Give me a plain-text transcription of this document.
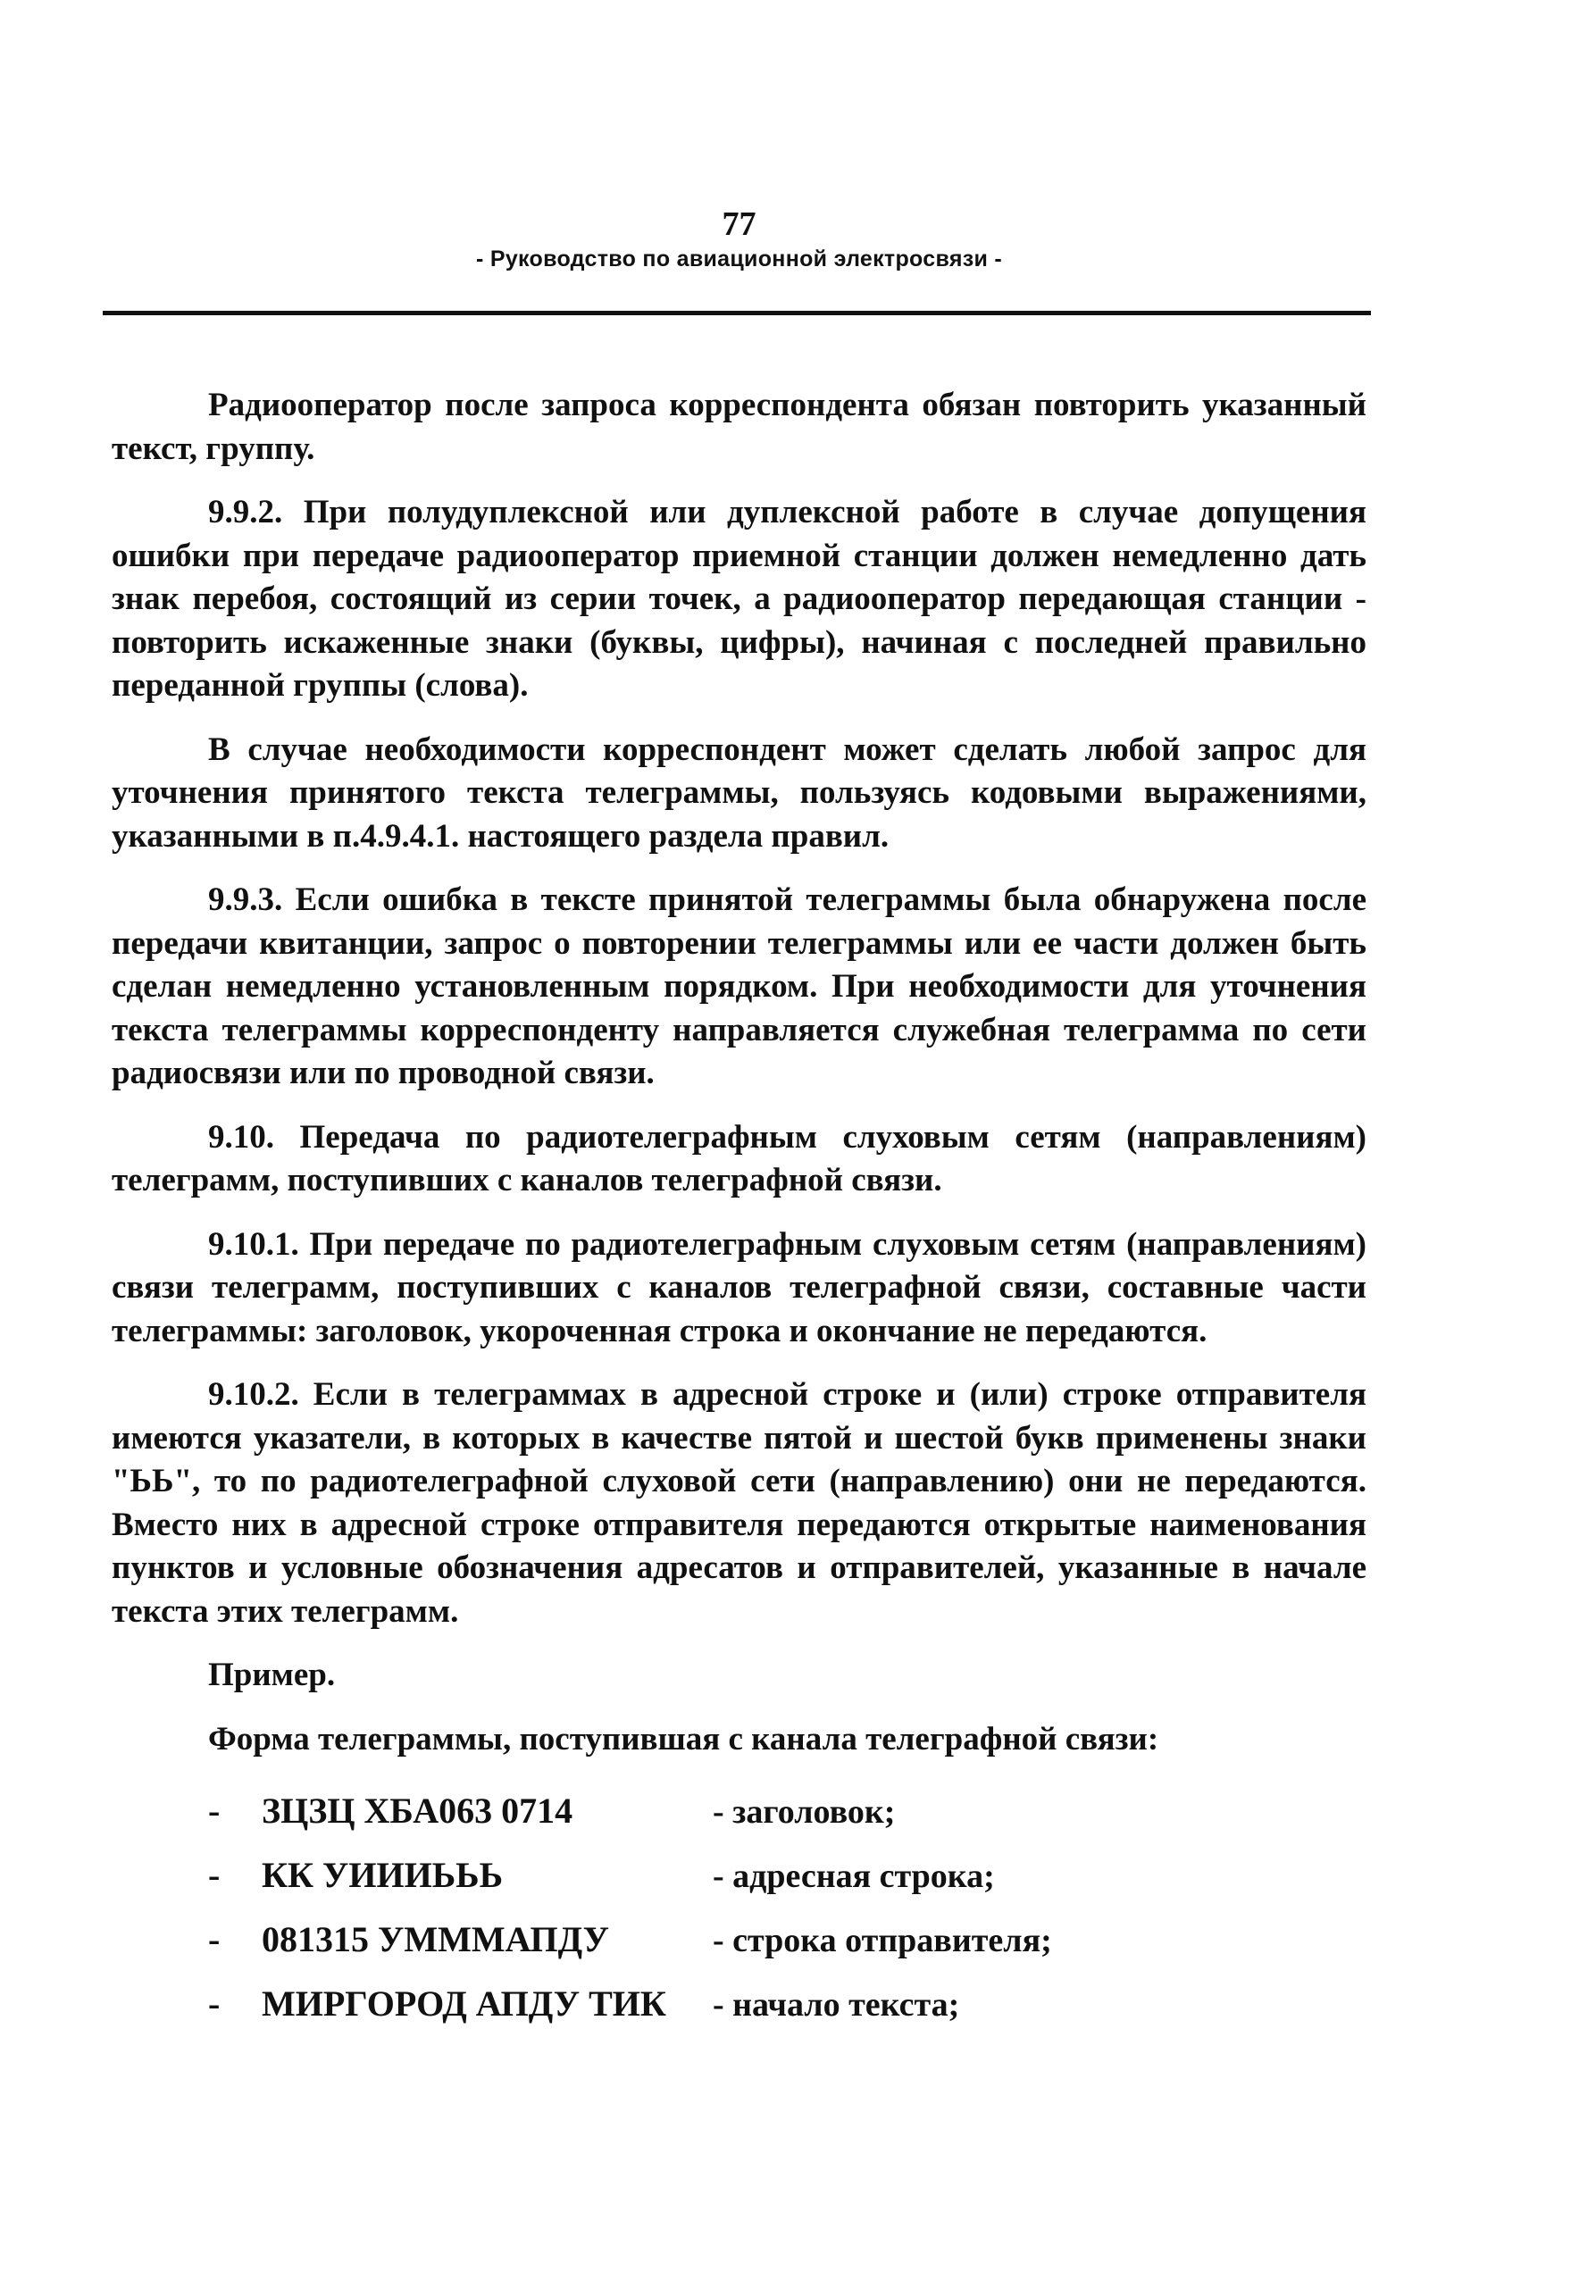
77
- Руководство по авиационной электросвязи -

Радиооператор после запроса корреспондента обязан повторить указанный текст, группу.

9.9.2. При полудуплексной или дуплексной работе в случае допущения ошибки при передаче радиооператор приемной станции должен немедленно дать знак перебоя, состоящий из серии точек, а радиооператор передающая станции - повторить искаженные знаки (буквы, цифры), начиная с последней правильно переданной группы (слова).

В случае необходимости корреспондент может сделать любой запрос для уточнения принятого текста телеграммы, пользуясь кодовыми выражениями, указанными в п.4.9.4.1. настоящего раздела правил.

9.9.3. Если ошибка в тексте принятой телеграммы была обнаружена после передачи квитанции, запрос о повторении телеграммы или ее части должен быть сделан немедленно установленным порядком. При необходимости для уточнения текста телеграммы корреспонденту направляется служебная телеграмма по сети радиосвязи или по проводной связи.

9.10. Передача по радиотелеграфным слуховым сетям (направлениям) телеграмм, поступивших с каналов телеграфной связи.

9.10.1. При передаче по радиотелеграфным слуховым сетям (направлениям) связи телеграмм, поступивших с каналов телеграфной связи, составные части телеграммы: заголовок, укороченная строка и окончание не передаются.

9.10.2. Если в телеграммах в адресной строке и (или) строке отправителя имеются указатели, в которых в качестве пятой и шестой букв применены знаки "ЬЬ", то по радиотелеграфной слуховой сети (направлению) они не передаются. Вместо них в адресной строке отправителя передаются открытые наименования пунктов и условные обозначения адресатов и отправителей, указанные в начале текста этих телеграмм.

Пример.

Форма телеграммы, поступившая с канала телеграфной связи:

-	ЗЦЗЦ ХБА063 0714	- заголовок;
-	КК УИИИЬЬЬ	- адресная строка;
-	081315 УМММАПДУ	- строка отправителя;
-	МИРГОРОД АПДУ ТИК	- начало текста;
